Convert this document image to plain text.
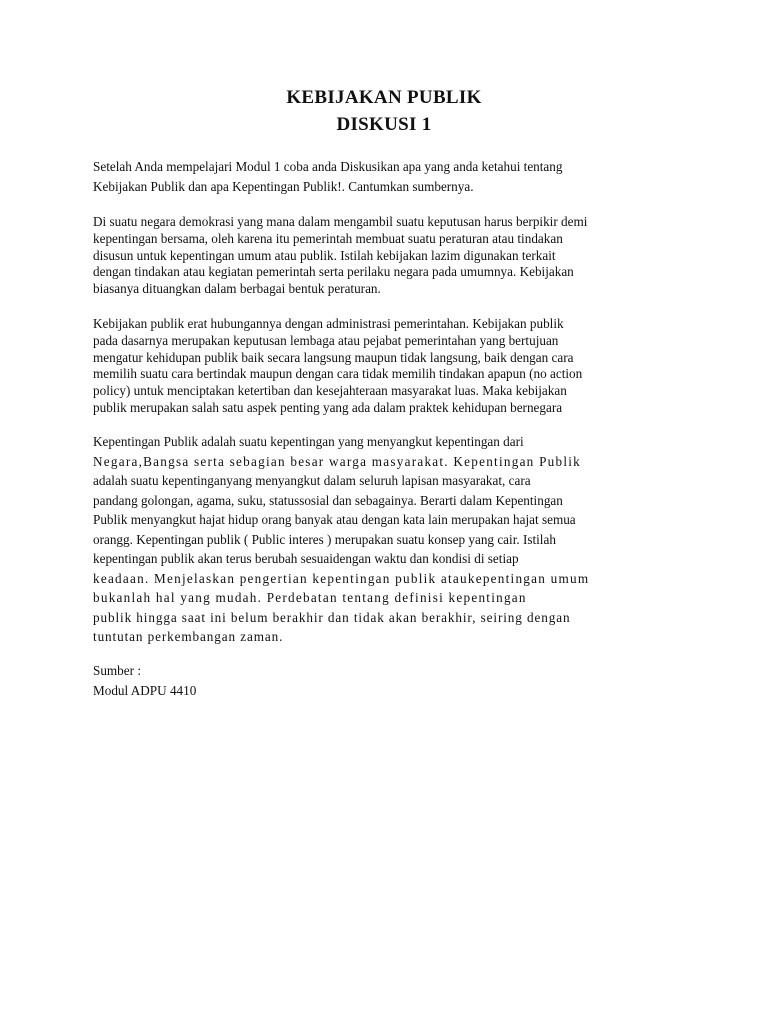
KEBIJAKAN PUBLIK
DISKUSI 1

Setelah Anda mempelajari Modul 1 coba anda Diskusikan apa yang anda ketahui tentang
Kebijakan Publik dan apa Kepentingan Publik!. Cantumkan sumbernya.

Di suatu negara demokrasi yang mana dalam mengambil suatu keputusan harus berpikir demi
kepentingan bersama, oleh karena itu pemerintah membuat suatu peraturan atau tindakan
disusun untuk kepentingan umum atau publik. Istilah kebijakan lazim digunakan terkait
dengan tindakan atau kegiatan pemerintah serta perilaku negara pada umumnya. Kebijakan
biasanya dituangkan dalam berbagai bentuk peraturan.

Kebijakan publik erat hubungannya dengan administrasi pemerintahan. Kebijakan publik
pada dasarnya merupakan keputusan lembaga atau pejabat pemerintahan yang bertujuan
mengatur kehidupan publik baik secara langsung maupun tidak langsung, baik dengan cara
memilih suatu cara bertindak maupun dengan cara tidak memilih tindakan apapun (no action
policy) untuk menciptakan ketertiban dan kesejahteraan masyarakat luas. Maka kebijakan
publik merupakan salah satu aspek penting yang ada dalam praktek kehidupan bernegara

Kepentingan Publik adalah suatu kepentingan yang menyangkut kepentingan dari
Negara,Bangsa serta sebagian besar warga masyarakat. Kepentingan Publik
adalah suatu kepentinganyang menyangkut dalam seluruh lapisan masyarakat, cara
pandang golongan, agama, suku, statussosial dan sebagainya. Berarti dalam Kepentingan
Publik menyangkut hajat hidup orang banyak atau dengan kata lain merupakan hajat semua
orangg. Kepentingan publik ( Public interes ) merupakan suatu konsep yang cair. Istilah
kepentingan publik akan terus berubah sesuaidengan waktu dan kondisi di setiap
keadaan. Menjelaskan pengertian kepentingan publik ataukepentingan umum
bukanlah hal yang mudah. Perdebatan tentang definisi kepentingan
publik hingga saat ini belum berakhir dan tidak akan berakhir, seiring dengan
tuntutan perkembangan zaman.

Sumber :
Modul ADPU 4410
